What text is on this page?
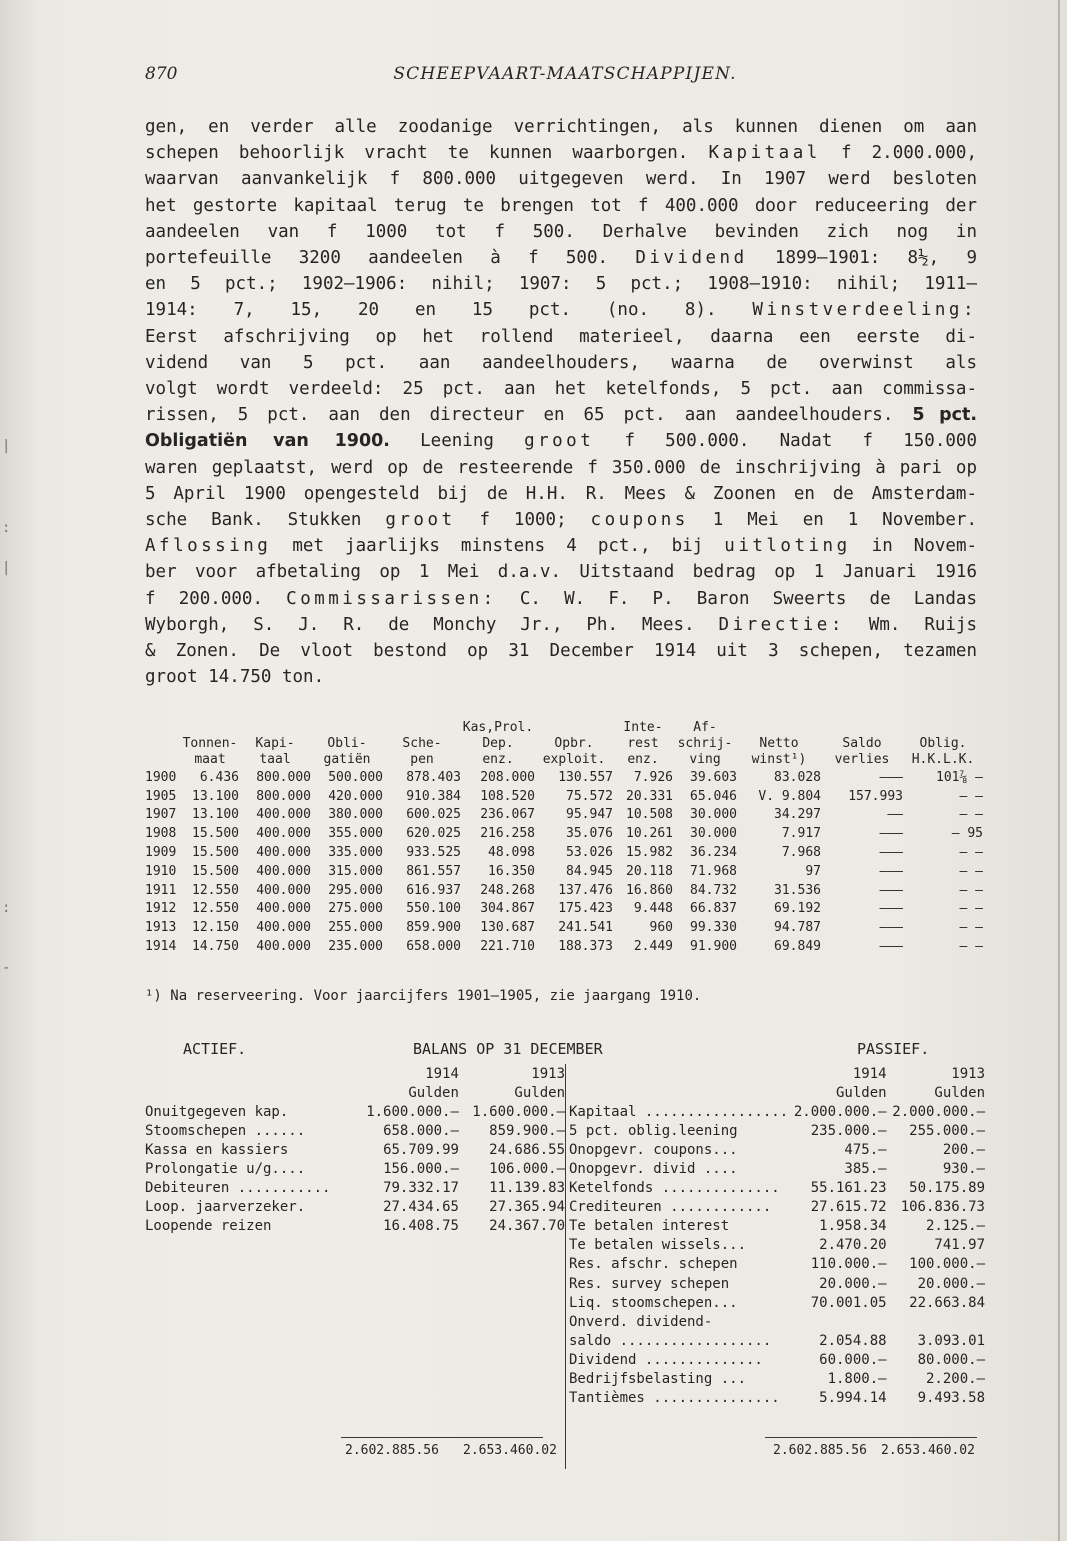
|
:
|
:
-
870	SCHEEPVAART-MAATSCHAPPIJEN.
gen, en verder alle zoodanige verrichtingen, als kunnen dienen om aan
schepen behoorlijk vracht te kunnen waarborgen. Kapitaal f 2.000.000,
waarvan aanvankelijk f 800.000 uitgegeven werd. In 1907 werd besloten
het gestorte kapitaal terug te brengen tot f 400.000 door reduceering der
aandeelen van f 1000 tot f 500. Derhalve bevinden zich nog in
portefeuille 3200 aandeelen à f 500. Dividend 1899—1901: 8½, 9
en 5 pct.; 1902—1906: nihil; 1907: 5 pct.; 1908—1910: nihil; 1911—
1914: 7, 15, 20 en 15 pct. (no. 8). Winstverdeeling:
Eerst afschrijving op het rollend materieel, daarna een eerste di-
vidend van 5 pct. aan aandeelhouders, waarna de overwinst als
volgt wordt verdeeld: 25 pct. aan het ketelfonds, 5 pct. aan commissa-
rissen, 5 pct. aan den directeur en 65 pct. aan aandeelhouders. 5 pct.
Obligatiën van 1900. Leening groot f 500.000. Nadat f 150.000
waren geplaatst, werd op de resteerende f 350.000 de inschrijving à pari op
5 April 1900 opengesteld bij de H.H. R. Mees & Zoonen en de Amsterdam-
sche Bank. Stukken groot f 1000; coupons 1 Mei en 1 November.
Aflossing met jaarlijks minstens 4 pct., bij uitloting in Novem-
ber voor afbetaling op 1 Mei d.a.v. Uitstaand bedrag op 1 Januari 1916
f 200.000. Commissarissen: C. W. F. P. Baron Sweerts de Landas
Wyborgh, S. J. R. de Monchy Jr., Ph. Mees. Directie: Wm. Ruijs
& Zonen. De vloot bestond op 31 December 1914 uit 3 schepen, tezamen
groot 14.750 ton.
					Kas,Prol.		Inte-	Af-			
	Tonnen-	Kapi-	Obli-	Sche-	Dep.	Opbr.	rest	schrij-	Netto	Saldo	Oblig.
	maat	taal	gatiën	pen	enz.	exploit.	enz.	ving	winst¹)	verlies	H.K.L.K.
1900	6.436	800.000	500.000	878.403	208.000	130.557	7.926	39.603	83.028	———	101⅞ —
1905	13.100	800.000	420.000	910.384	108.520	75.572	20.331	65.046	V. 9.804	157.993	— —
1907	13.100	400.000	380.000	600.025	236.067	95.947	10.508	30.000	34.297	——	— —
1908	15.500	400.000	355.000	620.025	216.258	35.076	10.261	30.000	7.917	———	— 95
1909	15.500	400.000	335.000	933.525	48.098	53.026	15.982	36.234	7.968	———	— —
1910	15.500	400.000	315.000	861.557	16.350	84.945	20.118	71.968	97	———	— —
1911	12.550	400.000	295.000	616.937	248.268	137.476	16.860	84.732	31.536	———	— —
1912	12.550	400.000	275.000	550.100	304.867	175.423	9.448	66.837	69.192	———	— —
1913	12.150	400.000	255.000	859.900	130.687	241.541	960	99.330	94.787	———	— —
1914	14.750	400.000	235.000	658.000	221.710	188.373	2.449	91.900	69.849	———	— —
¹) Na reserveering. Voor jaarcijfers 1901—1905, zie jaargang 1910.
ACTIEF.	BALANS OP 31 DECEMBER	PASSIEF.
	1914	1913
	Gulden	Gulden
Onuitgegeven kap.	1.600.000.—	1.600.000.—
Stoomschepen ......	658.000.—	859.900.—
Kassa en kassiers	65.709.99	24.686.55
Prolongatie u/g....	156.000.—	106.000.—
Debiteuren ...........	79.332.17	11.139.83
Loop. jaarverzeker.	27.434.65	27.365.94
Loopende reizen	16.408.75	24.367.70
	1914	1913
	Gulden	Gulden
Kapitaal .................	2.000.000.—	2.000.000.—
5 pct. oblig.leening	235.000.—	255.000.—
Onopgevr. coupons...	475.—	200.—
Onopgevr. divid ....	385.—	930.—
Ketelfonds ..............	55.161.23	50.175.89
Crediteuren ............	27.615.72	106.836.73
Te betalen interest	1.958.34	2.125.—
Te betalen wissels...	2.470.20	741.97
Res. afschr. schepen	110.000.—	100.000.—
Res. survey schepen	20.000.—	20.000.—
Liq. stoomschepen...	70.001.05	22.663.84
Onverd. dividend-		
saldo ..................	2.054.88	3.093.01
Dividend ..............	60.000.—	80.000.—
Bedrijfsbelasting ...	1.800.—	2.200.—
Tantièmes ...............	5.994.14	9.493.58
2.602.885.56 2.653.460.02	2.602.885.56 2.653.460.02
